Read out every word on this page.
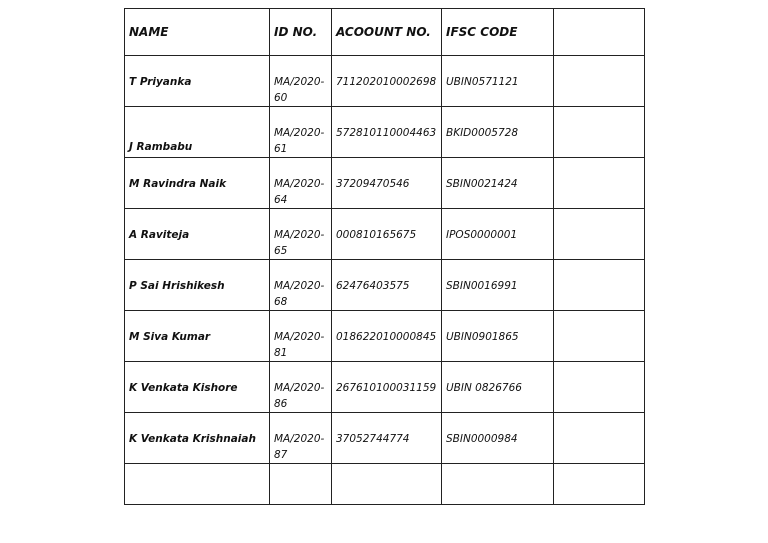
NAME	ID NO.	ACOOUNT NO.	IFSC CODE	
T Priyanka	MA/2020-60	711202010002698	UBIN0571121	
J Rambabu	MA/2020-61	572810110004463	BKID0005728	
M Ravindra Naik	MA/2020-64	37209470546	SBIN0021424	
A Raviteja	MA/2020-65	000810165675	IPOS0000001	
P Sai Hrishikesh	MA/2020-68	62476403575	SBIN0016991	
M Siva Kumar	MA/2020-81	018622010000845	UBIN0901865	
K Venkata Kishore	MA/2020-86	267610100031159	UBIN 0826766	
K Venkata Krishnaiah	MA/2020-87	37052744774	SBIN0000984	
